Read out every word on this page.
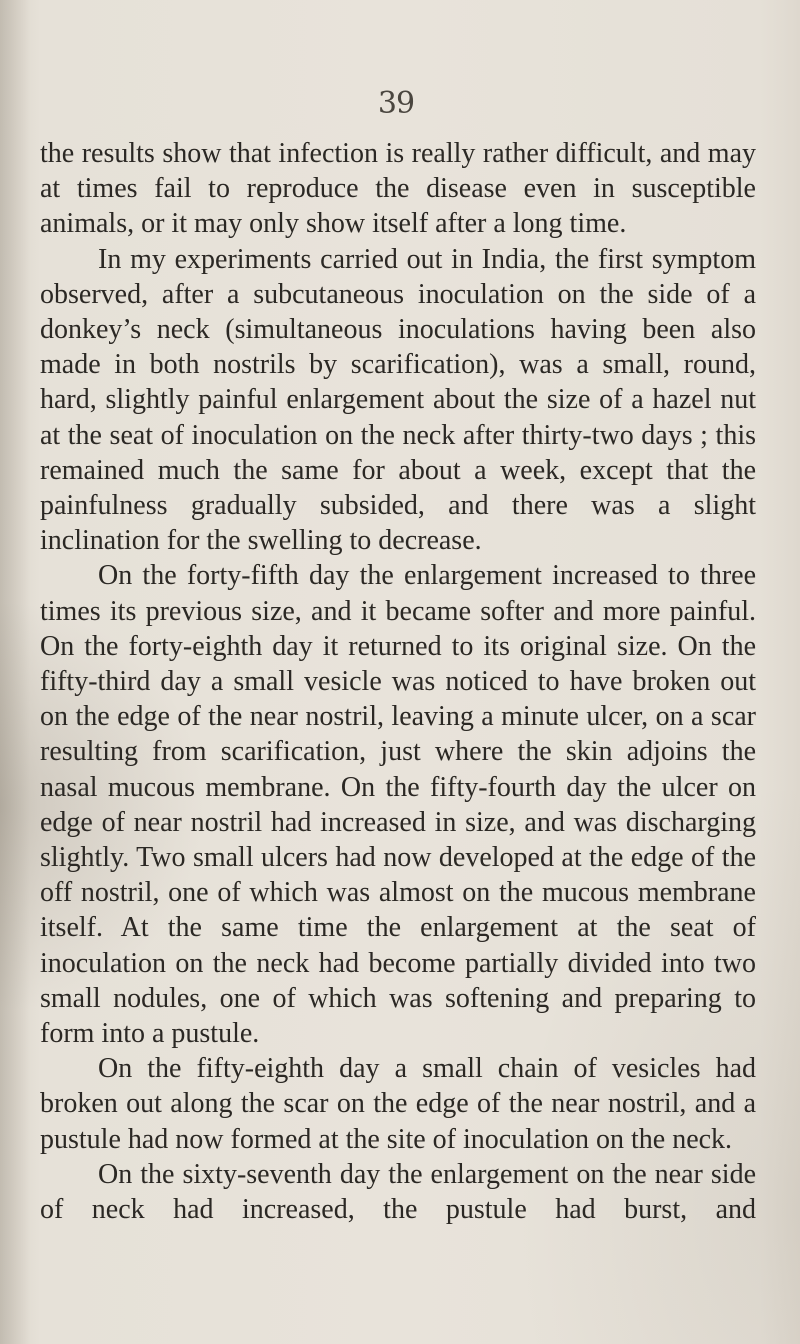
39

the results show that infection is really rather difficult, and may at times fail to reproduce the disease even in susceptible animals, or it may only show itself after a long time.

In my experiments carried out in India, the first symptom observed, after a subcutaneous inoculation on the side of a donkey’s neck (simultaneous inoculations having been also made in both nostrils by scarification), was a small, round, hard, slightly painful enlargement about the size of a hazel nut at the seat of inoculation on the neck after thirty-two days ; this remained much the same for about a week, except that the painfulness gradually subsided, and there was a slight inclination for the swelling to decrease.

On the forty-fifth day the enlargement increased to three times its previous size, and it became softer and more painful. On the forty-eighth day it returned to its original size. On the fifty-third day a small vesicle was noticed to have broken out on the edge of the near nostril, leaving a minute ulcer, on a scar resulting from scarification, just where the skin adjoins the nasal mucous membrane. On the fifty-fourth day the ulcer on edge of near nostril had increased in size, and was discharging slightly. Two small ulcers had now developed at the edge of the off nostril, one of which was almost on the mucous membrane itself. At the same time the enlargement at the seat of inoculation on the neck had become partially divided into two small nodules, one of which was softening and preparing to form into a pustule.

On the fifty-eighth day a small chain of vesicles had broken out along the scar on the edge of the near nostril, and a pustule had now formed at the site of inoculation on the neck.

On the sixty-seventh day the enlargement on the near side of neck had increased, the pustule had burst, and
